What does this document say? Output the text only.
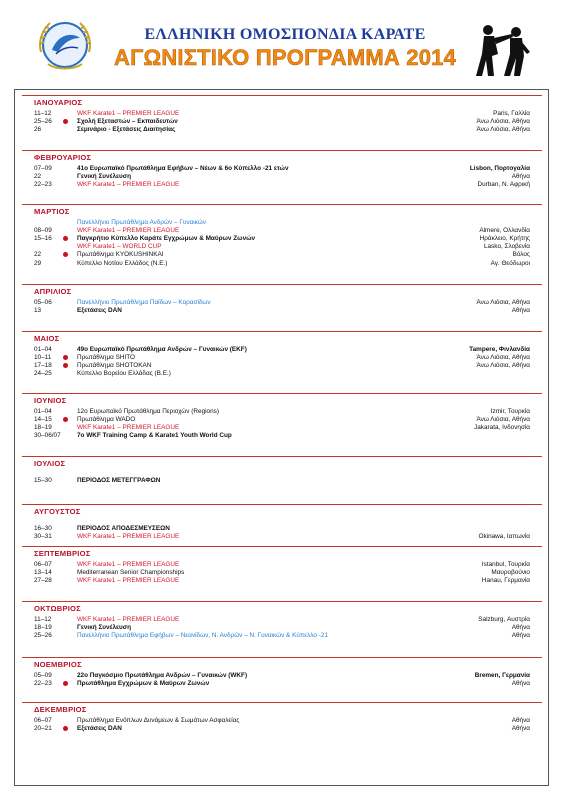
ΕΛΛΗΝΙΚΗ ΟΜΟΣΠΟΝΔΙΑ ΚΑΡΑΤΕ
ΑΓΩΝΙΣΤΙΚΟ ΠΡΟΓΡΑΜΜΑ 2014
ΙΑΝΟΥΑΡΙΟΣ
11–12	WKF Karate1 – PREMIER LEAGUE	Paris, Γαλλία
25–26	Σχολή Εξεταστών – Εκπαιδευτών	Άνω Λιόσια, Αθήνα
26	Σεμινάριο - Εξετάσεις Διαιτησίας	Άνω Λιόσια, Αθήνα
ΦΕΒΡΟΥΑΡΙΟΣ
07–09	41ο Ευρωπαϊκό Πρωτάθλημα Εφήβων – Νέων & 6ο Κύπελλο -21 ετών	Lisbon, Πορτογαλία
22	Γενική Συνέλευση	Αθήνα
22–23	WKF Karate1 – PREMIER LEAGUE	Durban, Ν. Αφρική
ΜΑΡΤΙΟΣ
Πανελλήνιο Πρωτάθλημα Ανδρών – Γυναικών
08–09	WKF Karate1 – PREMIER LEAGUE	Almere, Ολλανδία
15–16	Παγκρήτιο Κύπελλο Καράτε Εγχρώμων & Μαύρων Ζωνών	Ηράκλειο, Κρήτης
WKF Karate1 – WORLD CUP	Lasko, Σλοβενία
22	Πρωτάθλημα KYOKUSHINKAI	Βόλος
29	Κύπελλο Νοτίου Ελλάδος (Ν.Ε.)	Αγ. Θεόδωροι
ΑΠΡΙΛΙΟΣ
05–06	Πανελλήνιο Πρωτάθλημα Παίδων – Κορασίδων	Άνω Λιόσια, Αθήνα
13	Εξετάσεις DAN	Αθήνα
ΜΑΙΟΣ
01–04	49ο Ευρωπαϊκό Πρωτάθλημα Ανδρών – Γυναικών (EKF)	Tampere, Φινλανδία
10–11	Πρωτάθλημα SHITO	Άνω Λιόσια, Αθήνα
17–18	Πρωτάθλημα SHOTOKAN	Άνω Λιόσια, Αθήνα
24–25	Κύπελλο Βορείου Ελλάδας (Β.Ε.)
ΙΟΥΝΙΟΣ
01–04	12ο Ευρωπαϊκό Πρωτάθλημα Περιοχών (Regions)	Izmir, Τουρκία
14–15	Πρωτάθλημα WADO	Άνω Λιόσια, Αθήνα
18–19	WKF Karate1 – PREMIER LEAGUE	Jakarata, Ινδονησία
30–06/07	7o WKF Training Camp & Karate1 Youth World Cup
ΙΟΥΛΙΟΣ
15–30	ΠΕΡΙΟΔΟΣ ΜΕΤΕΓΓΡΑΦΩΝ
ΑΥΓΟΥΣΤΟΣ
16–30	ΠΕΡΙΟΔΟΣ ΑΠΟΔΕΣΜΕΥΣΕΩΝ
30–31	WKF Karate1 – PREMIER LEAGUE	Okinawa, Ιαπωνία
ΣΕΠΤΕΜΒΡΙΟΣ
06–07	WKF Karate1 – PREMIER LEAGUE	Istanbul, Τουρκία
13–14	Mediterranean Senior Championships	Μαυροβούνιο
27–28	WKF Karate1 – PREMIER LEAGUE	Hanau, Γερμανία
ΟΚΤΩΒΡΙΟΣ
11–12	WKF Karate1 – PREMIER LEAGUE	Salzburg, Αυστρία
18–19	Γενική Συνέλευση	Αθήνα
25–26	Πανελλήνιο Πρωτάθλημα Εφήβων – Νεανίδων, Ν. Ανδρών – Ν. Γυναικών & Κύπελλο -21	Αθήνα
ΝΟΕΜΒΡΙΟΣ
05–09	22ο Παγκόσμιο Πρωτάθλημα Ανδρών – Γυναικών (WKF)	Bremen, Γερμανία
22–23	Πρωτάθλημα Εγχρώμων & Μαύρων Ζωνών	Αθήνα
ΔΕΚΕΜΒΡΙΟΣ
06–07	Πρωτάθλημα Ενόπλων Δυνάμεων & Σωμάτων Ασφαλείας	Αθήνα
20–21	Εξετάσεις DAN	Αθήνα
